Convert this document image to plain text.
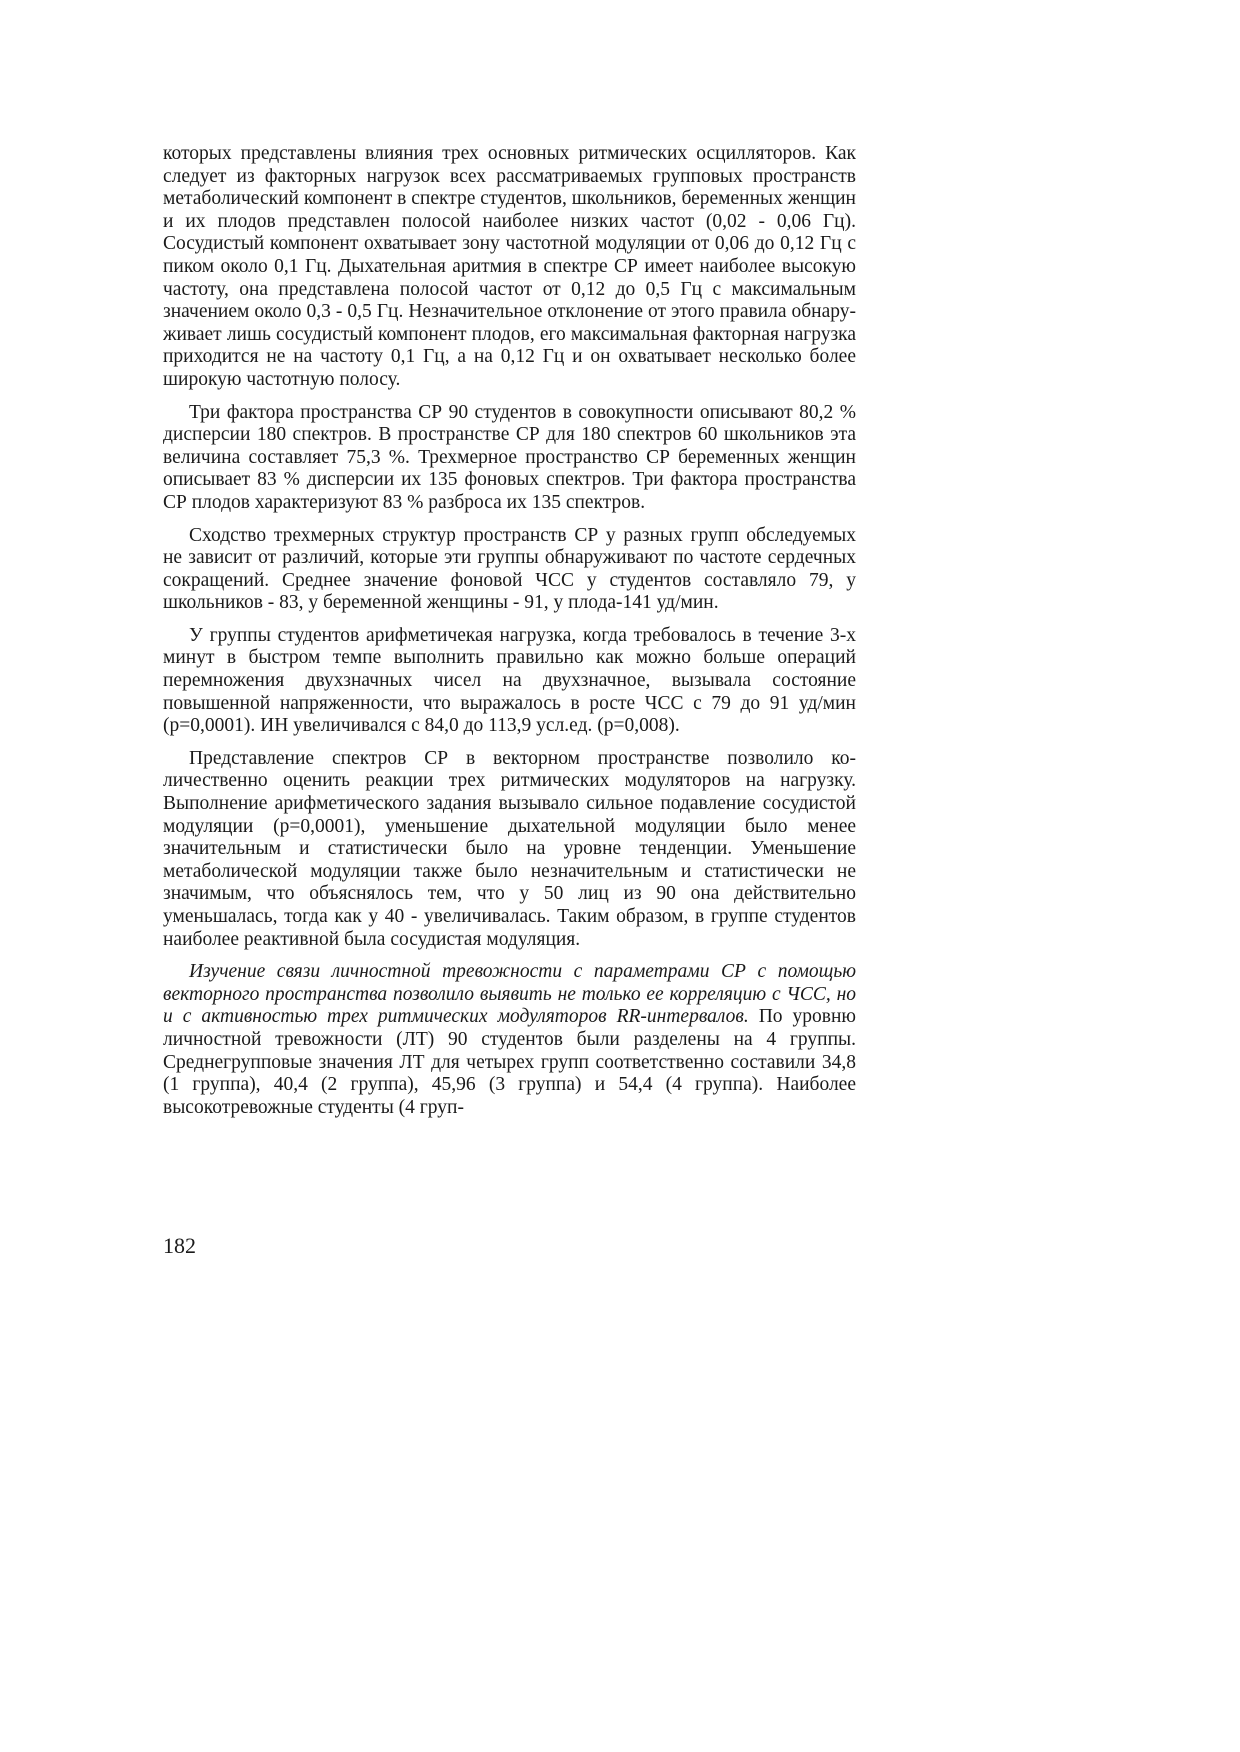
которых представлены влияния трех основных ритмических осцилляторов. Как следует из факторных нагрузок всех рассматриваемых групповых пространств метаболический компонент в спектре студентов, школьников, беременных женщин и их плодов представлен полосой наиболее низких частот (0,02 - 0,06 Гц). Сосудистый компонент охватывает зону частотной модуляции от 0,06 до 0,12 Гц с пиком около 0,1 Гц. Дыхательная аритмия в спектре СР имеет наиболее высокую частоту, она представлена полосой частот от 0,12 до 0,5 Гц с максимальным значением около 0,3 - 0,5 Гц. Незначительное отклонение от этого правила обнаруживает лишь сосудистый компонент плодов, его максимальная факторная нагрузка приходится не на частоту 0,1 Гц, а на 0,12 Гц и он охватывает несколько более широкую частотную полосу.

Три фактора пространства СР 90 студентов в совокупности описывают 80,2 % дисперсии 180 спектров. В пространстве СР для 180 спектров 60 школьников эта величина составляет 75,3 %. Трехмерное пространство СР беременных женщин описывает 83 % дисперсии их 135 фоновых спектров. Три фактора пространства СР плодов характеризуют 83 % разброса их 135 спектров.

Сходство трехмерных структур пространств СР у разных групп обследуемых не зависит от различий, которые эти группы обнаруживают по частоте сердечных сокращений. Среднее значение фоновой ЧСС у студентов составляло 79, у школьников - 83, у беременной женщины - 91, у плода-141 уд/мин.

У группы студентов арифметичекая нагрузка, когда требовалось в течение 3-х минут в быстром темпе выполнить правильно как можно больше операций перемножения двухзначных чисел на двухзначное, вызывала состояние повышенной напряженности, что выражалось в росте ЧСС с 79 до 91 уд/мин (р=0,0001). ИН увеличивался с 84,0 до 113,9 усл.ед. (р=0,008).

Представление спектров СР в векторном пространстве позволило количественно оценить реакции трех ритмических модуляторов на нагрузку. Выполнение арифметического задания вызывало сильное подавление сосудистой модуляции (р=0,0001), уменьшение дыхательной модуляции было менее значительным и статистически было на уровне тенденции. Уменьшение метаболической модуляции также было незначительным и статистически не значимым, что объяснялось тем, что у 50 лиц из 90 она действительно уменьшалась, тогда как у 40 - увеличивалась. Таким образом, в группе студентов наиболее реактивной была сосудистая модуляция.

Изучение связи личностной тревожности с параметрами СР с помощью векторного пространства позволило выявить не только ее корреляцию с ЧСС, но и с активностью трех ритмических модуляторов RR-интервалов. По уровню личностной тревожности (ЛТ) 90 студентов были разделены на 4 группы. Среднегрупповые значения ЛТ для четырех групп соответственно составили 34,8 (1 группа), 40,4 (2 группа), 45,96 (3 группа) и 54,4 (4 группа). Наиболее высокотревожные студенты (4 груп-

182
